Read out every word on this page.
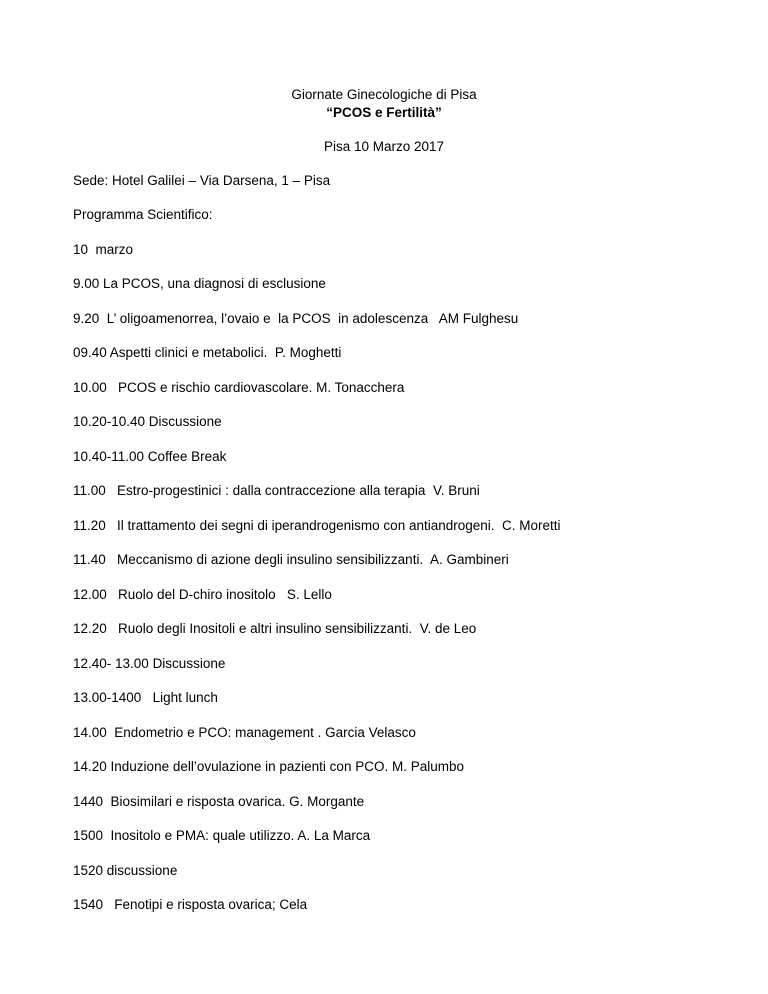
Giornate Ginecologiche di Pisa
“PCOS e Fertilità”
Pisa 10 Marzo 2017
Sede: Hotel Galilei – Via Darsena, 1 – Pisa
Programma Scientifico:
10  marzo
9.00 La PCOS, una diagnosi di esclusione
9.20  L’ oligoamenorrea, l’ovaio e  la PCOS  in adolescenza   AM Fulghesu
09.40 Aspetti clinici e metabolici.  P. Moghetti
10.00   PCOS e rischio cardiovascolare. M. Tonacchera
10.20-10.40 Discussione
10.40-11.00 Coffee Break
11.00   Estro-progestinici : dalla contraccezione alla terapia  V. Bruni
11.20   Il trattamento dei segni di iperandrogenismo con antiandrogeni.  C. Moretti
11.40   Meccanismo di azione degli insulino sensibilizzanti.  A. Gambineri
12.00   Ruolo del D-chiro inositolo   S. Lello
12.20   Ruolo degli Inositoli e altri insulino sensibilizzanti.  V. de Leo
12.40- 13.00 Discussione
13.00-1400   Light lunch
14.00  Endometrio e PCO: management . Garcia Velasco
14.20 Induzione dell’ovulazione in pazienti con PCO. M. Palumbo
1440  Biosimilari e risposta ovarica. G. Morgante
1500  Inositolo e PMA: quale utilizzo. A. La Marca
1520 discussione
1540   Fenotipi e risposta ovarica; Cela
